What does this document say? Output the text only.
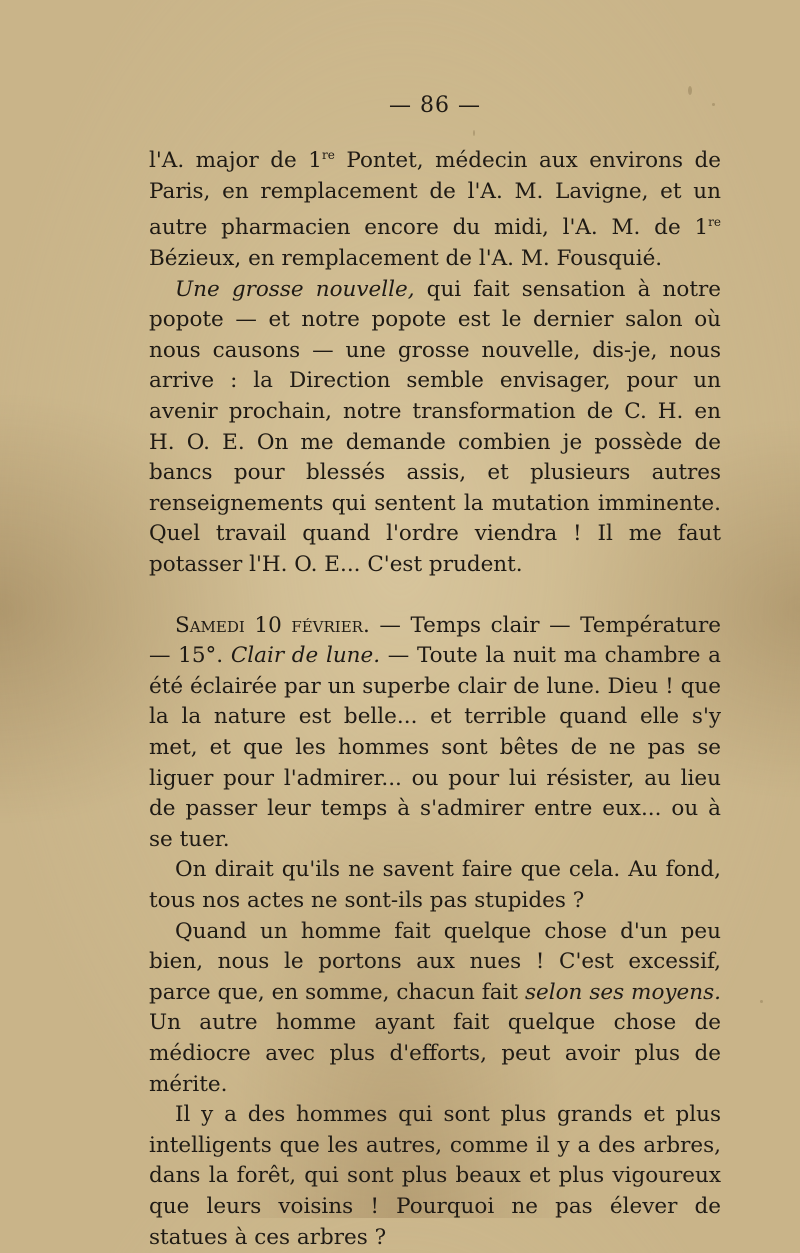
— 86 —

l'A. major de 1re Pontet, médecin aux environs de Paris, en remplacement de l'A. M. Lavigne, et un autre pharmacien encore du midi, l'A. M. de 1re Bézieux, en remplacement de l'A. M. Fousquié.

Une grosse nouvelle, qui fait sensation à notre popote — et notre popote est le dernier salon où nous causons — une grosse nouvelle, dis-je, nous arrive : la Direction semble envisager, pour un avenir prochain, notre transformation de C. H. en H. O. E. On me demande combien je possède de bancs pour blessés assis, et plusieurs autres renseignements qui sentent la mutation imminente. Quel travail quand l'ordre viendra ! Il me faut potasser l'H. O. E... C'est prudent.

Samedi 10 février. — Temps clair — Température — 15°. Clair de lune. — Toute la nuit ma chambre a été éclairée par un superbe clair de lune. Dieu ! que la la nature est belle... et terrible quand elle s'y met, et que les hommes sont bêtes de ne pas se liguer pour l'admirer... ou pour lui résister, au lieu de passer leur temps à s'admirer entre eux... ou à se tuer.

On dirait qu'ils ne savent faire que cela. Au fond, tous nos actes ne sont-ils pas stupides ?

Quand un homme fait quelque chose d'un peu bien, nous le portons aux nues ! C'est excessif, parce que, en somme, chacun fait selon ses moyens. Un autre homme ayant fait quelque chose de médiocre avec plus d'efforts, peut avoir plus de mérite.

Il y a des hommes qui sont plus grands et plus intelligents que les autres, comme il y a des arbres, dans la forêt, qui sont plus beaux et plus vigoureux que leurs voisins ! Pourquoi ne pas élever de statues à ces arbres ?
